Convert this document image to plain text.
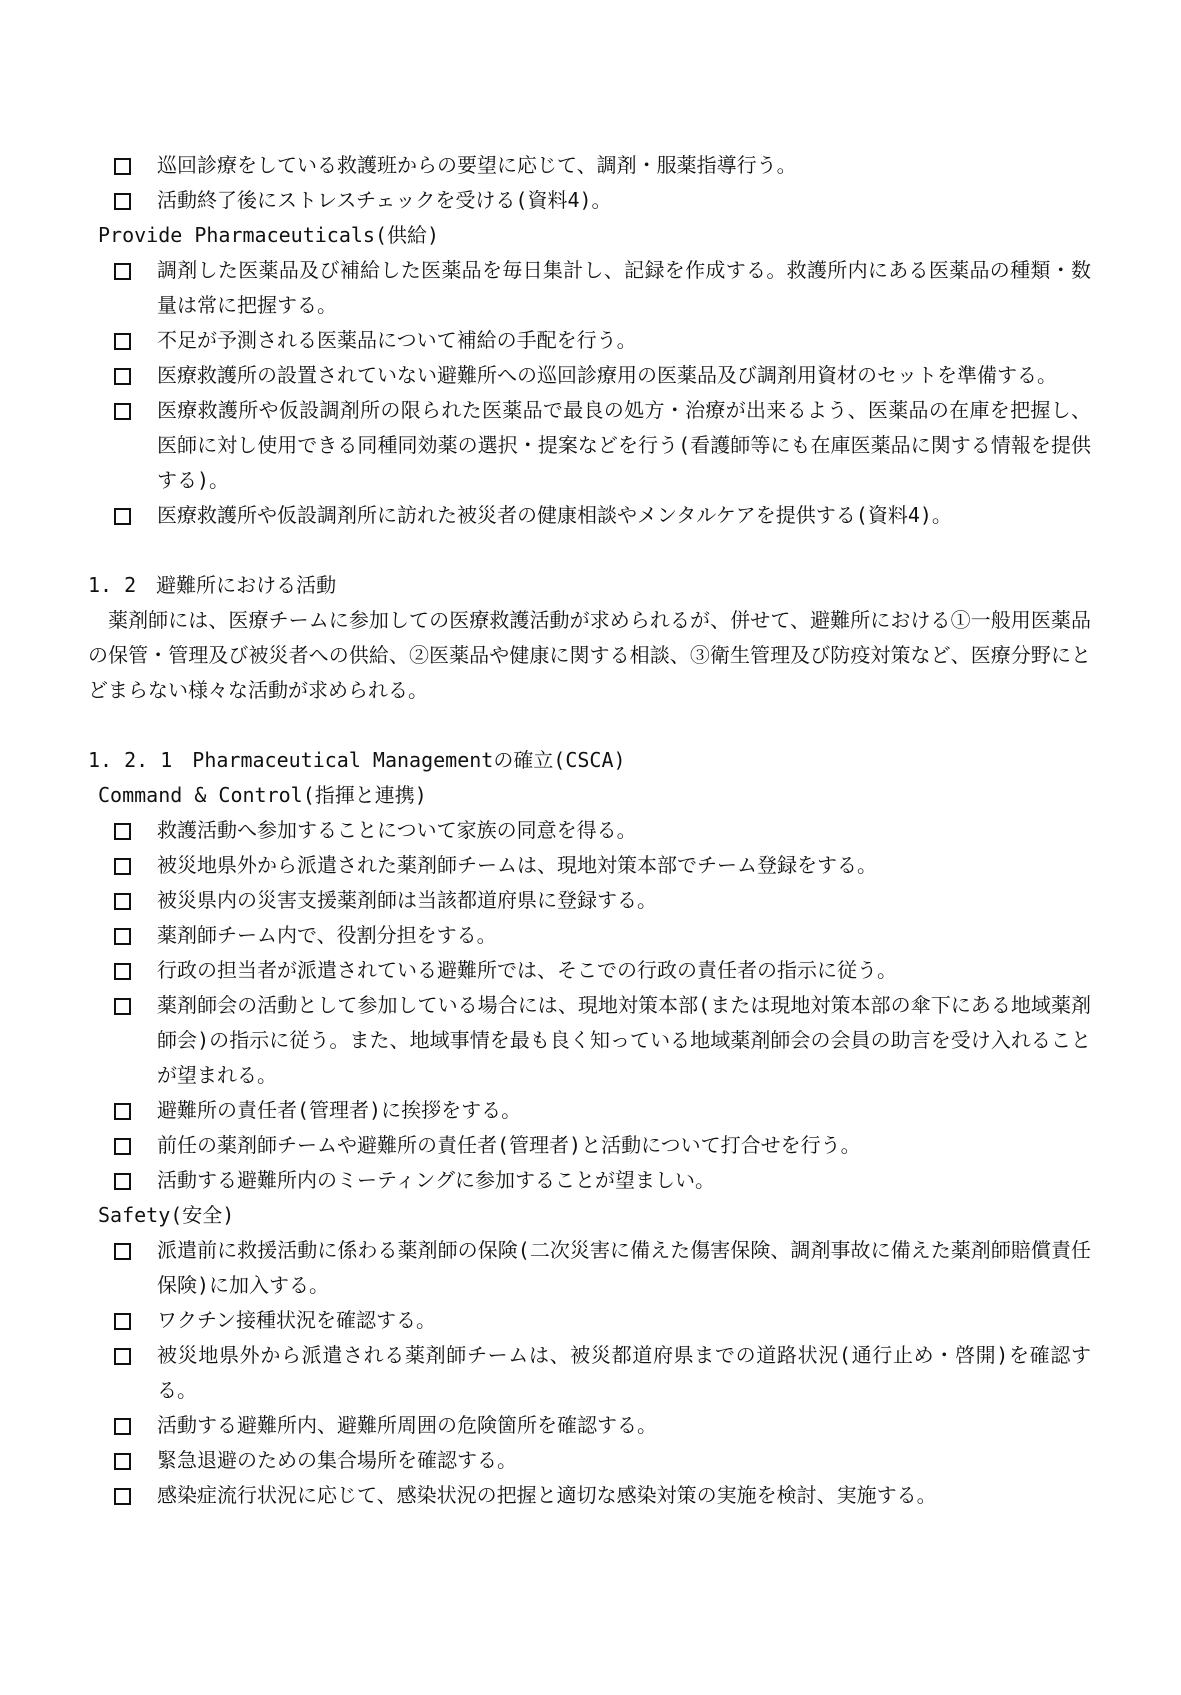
巡回診療をしている救護班からの要望に応じて、調剤・服薬指導行う。
活動終了後にストレスチェックを受ける(資料4)。
Provide Pharmaceuticals(供給)
調剤した医薬品及び補給した医薬品を毎日集計し、記録を作成する。救護所内にある医薬品の種類・数量は常に把握する。
不足が予測される医薬品について補給の手配を行う。
医療救護所の設置されていない避難所への巡回診療用の医薬品及び調剤用資材のセットを準備する。
医療救護所や仮設調剤所の限られた医薬品で最良の処方・治療が出来るよう、医薬品の在庫を把握し、医師に対し使用できる同種同効薬の選択・提案などを行う(看護師等にも在庫医薬品に関する情報を提供する)。
医療救護所や仮設調剤所に訪れた被災者の健康相談やメンタルケアを提供する(資料4)。
1. 2　避難所における活動
薬剤師には、医療チームに参加しての医療救護活動が求められるが、併せて、避難所における①一般用医薬品の保管・管理及び被災者への供給、②医薬品や健康に関する相談、③衛生管理及び防疫対策など、医療分野にとどまらない様々な活動が求められる。
1. 2. 1　Pharmaceutical Managementの確立(CSCA)
Command & Control(指揮と連携)
救護活動へ参加することについて家族の同意を得る。
被災地県外から派遣された薬剤師チームは、現地対策本部でチーム登録をする。
被災県内の災害支援薬剤師は当該都道府県に登録する。
薬剤師チーム内で、役割分担をする。
行政の担当者が派遣されている避難所では、そこでの行政の責任者の指示に従う。
薬剤師会の活動として参加している場合には、現地対策本部(または現地対策本部の傘下にある地域薬剤師会)の指示に従う。また、地域事情を最も良く知っている地域薬剤師会の会員の助言を受け入れることが望まれる。
避難所の責任者(管理者)に挨拶をする。
前任の薬剤師チームや避難所の責任者(管理者)と活動について打合せを行う。
活動する避難所内のミーティングに参加することが望ましい。
Safety(安全)
派遣前に救援活動に係わる薬剤師の保険(二次災害に備えた傷害保険、調剤事故に備えた薬剤師賠償責任保険)に加入する。
ワクチン接種状況を確認する。
被災地県外から派遣される薬剤師チームは、被災都道府県までの道路状況(通行止め・啓開)を確認する。
活動する避難所内、避難所周囲の危険箇所を確認する。
緊急退避のための集合場所を確認する。
感染症流行状況に応じて、感染状況の把握と適切な感染対策の実施を検討、実施する。
